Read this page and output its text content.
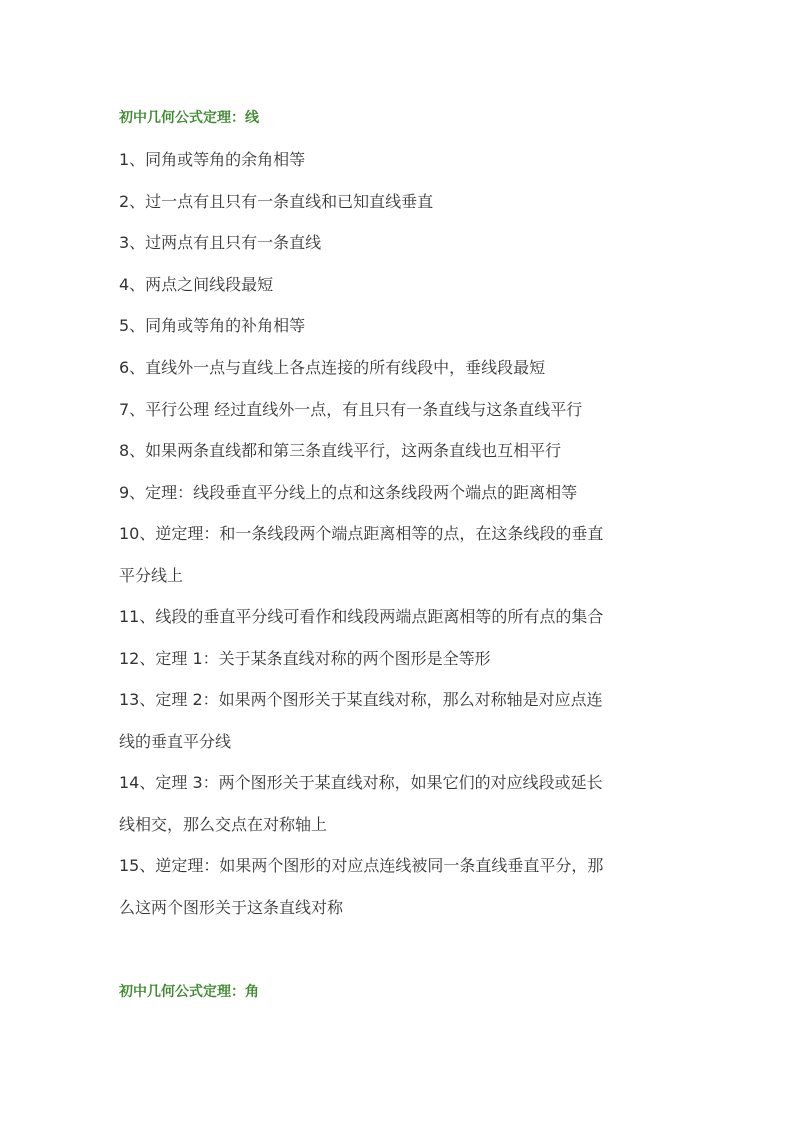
初中几何公式定理：线
1、同角或等角的余角相等
2、过一点有且只有一条直线和已知直线垂直
3、过两点有且只有一条直线
4、两点之间线段最短
5、同角或等角的补角相等
6、直线外一点与直线上各点连接的所有线段中，垂线段最短
7、平行公理 经过直线外一点，有且只有一条直线与这条直线平行
8、如果两条直线都和第三条直线平行，这两条直线也互相平行
9、定理：线段垂直平分线上的点和这条线段两个端点的距离相等
10、逆定理：和一条线段两个端点距离相等的点，在这条线段的垂直
平分线上
11、线段的垂直平分线可看作和线段两端点距离相等的所有点的集合
12、定理 1：关于某条直线对称的两个图形是全等形
13、定理 2：如果两个图形关于某直线对称，那么对称轴是对应点连
线的垂直平分线
14、定理 3：两个图形关于某直线对称，如果它们的对应线段或延长
线相交，那么交点在对称轴上
15、逆定理：如果两个图形的对应点连线被同一条直线垂直平分，那
么这两个图形关于这条直线对称
初中几何公式定理：角
